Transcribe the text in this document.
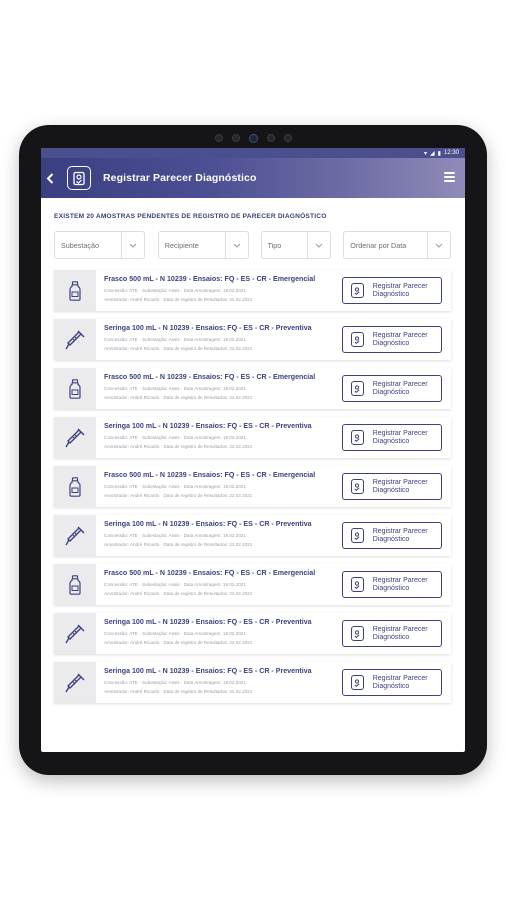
▾ ◢ ▮ 12:30
Registrar Parecer Diagnóstico
EXISTEM 20 AMOSTRAS PENDENTES DE REGISTRO DE PARECER DIAGNÓSTICO
Subestação	Recipiente	Tipo	Ordenar por Data
Frasco 500 mL - N 10239 - Ensaios: FQ - ES - CR - Emergencial
Concessão: ATE · Subestação: Assis · Data Amostragem: 19.02.2021
Amostrador: André Ricardo · Data de registro de Resultados: 22.02.2021
Registrar Parecer Diagnóstico
Seringa 100 mL - N 10239 - Ensaios: FQ - ES - CR - Preventiva
Concessão: ATE · Subestação: Assis · Data Amostragem: 19.02.2021
Amostrador: André Ricardo · Data de registro de Resultados: 22.02.2021
Registrar Parecer Diagnóstico
Frasco 500 mL - N 10239 - Ensaios: FQ - ES - CR - Emergencial
Concessão: ATE · Subestação: Assis · Data Amostragem: 19.02.2021
Amostrador: André Ricardo · Data de registro de Resultados: 22.02.2021
Registrar Parecer Diagnóstico
Seringa 100 mL - N 10239 - Ensaios: FQ - ES - CR - Preventiva
Concessão: ATE · Subestação: Assis · Data Amostragem: 19.02.2021
Amostrador: André Ricardo · Data de registro de Resultados: 22.02.2021
Registrar Parecer Diagnóstico
Frasco 500 mL - N 10239 - Ensaios: FQ - ES - CR - Emergencial
Concessão: ATE · Subestação: Assis · Data Amostragem: 19.02.2021
Amostrador: André Ricardo · Data de registro de Resultados: 22.02.2021
Registrar Parecer Diagnóstico
Seringa 100 mL - N 10239 - Ensaios: FQ - ES - CR - Preventiva
Concessão: ATE · Subestação: Assis · Data Amostragem: 19.02.2021
Amostrador: André Ricardo · Data de registro de Resultados: 22.02.2021
Registrar Parecer Diagnóstico
Frasco 500 mL - N 10239 - Ensaios: FQ - ES - CR - Emergencial
Concessão: ATE · Subestação: Assis · Data Amostragem: 19.02.2021
Amostrador: André Ricardo · Data de registro de Resultados: 22.02.2021
Registrar Parecer Diagnóstico
Seringa 100 mL - N 10239 - Ensaios: FQ - ES - CR - Preventiva
Concessão: ATE · Subestação: Assis · Data Amostragem: 19.02.2021
Amostrador: André Ricardo · Data de registro de Resultados: 22.02.2021
Registrar Parecer Diagnóstico
Seringa 100 mL - N 10239 - Ensaios: FQ - ES - CR - Preventiva
Concessão: ATE · Subestação: Assis · Data Amostragem: 19.02.2021
Amostrador: André Ricardo · Data de registro de Resultados: 22.02.2021
Registrar Parecer Diagnóstico
